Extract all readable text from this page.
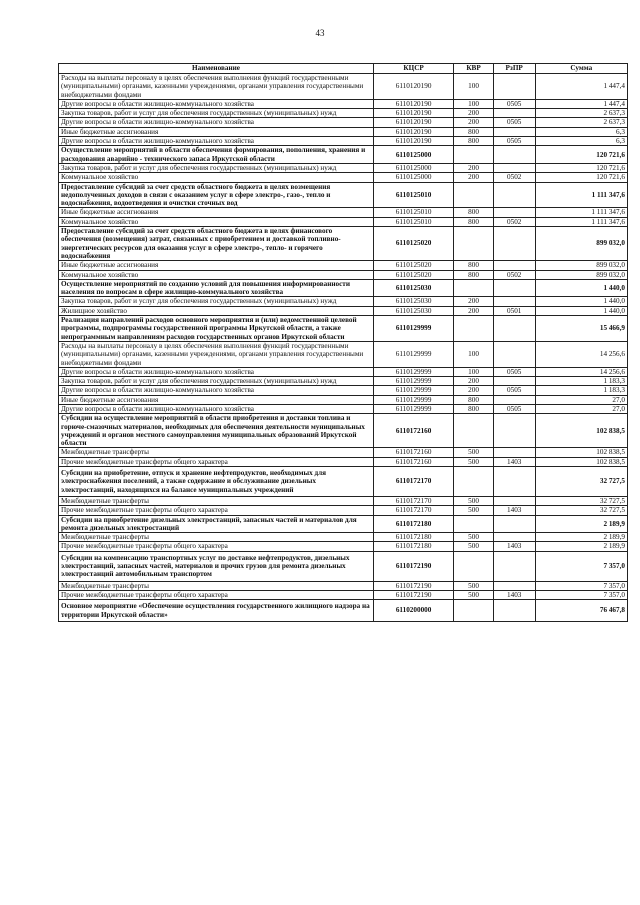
43
Наименование	КЦСР	КВР	РзПР	Сумма
Расходы на выплаты персоналу в целях обеспечения выполнения функций государственными (муниципальными) органами, казенными учреждениями, органами управления государственными внебюджетными фондами	6110120190	100		1 447,4
Другие вопросы в области жилищно-коммунального хозяйства	6110120190	100	0505	1 447,4
Закупка товаров, работ и услуг для обеспечения государственных (муниципальных) нужд	6110120190	200		2 637,3
Другие вопросы в области жилищно-коммунального хозяйства	6110120190	200	0505	2 637,3
Иные бюджетные ассигнования	6110120190	800		6,3
Другие вопросы в области жилищно-коммунального хозяйства	6110120190	800	0505	6,3
Осуществление мероприятий в области обеспечения формирования, пополнения, хранения и расходования аварийно - технического запаса Иркутской области	6110125000			120 721,6
Закупка товаров, работ и услуг для обеспечения государственных (муниципальных) нужд	6110125000	200		120 721,6
Коммунальное хозяйство	6110125000	200	0502	120 721,6
Предоставление субсидий за счет средств областного бюджета в целях возмещения недополученных доходов в связи с оказанием услуг в сфере электро-, газо-, тепло и водоснабжения, водоотведения и очистки сточных вод	6110125010			1 111 347,6
Иные бюджетные ассигнования	6110125010	800		1 111 347,6
Коммунальное хозяйство	6110125010	800	0502	1 111 347,6
Предоставление субсидий за счет средств областного бюджета в целях финансового обеспечения (возмещения) затрат, связанных с приобретением и доставкой топливно-энергетических ресурсов для оказания услуг в сфере электро-, тепло- и горячего водоснабжения	6110125020			899 032,0
Иные бюджетные ассигнования	6110125020	800		899 032,0
Коммунальное хозяйство	6110125020	800	0502	899 032,0
Осуществление мероприятий по созданию условий для повышения информированности населения по вопросам в сфере жилищно-коммунального хозяйства	6110125030			1 440,0
Закупка товаров, работ и услуг для обеспечения государственных (муниципальных) нужд	6110125030	200		1 440,0
Жилищное хозяйство	6110125030	200	0501	1 440,0
Реализация направлений расходов основного мероприятия и (или) ведомственной целевой программы, подпрограммы государственной программы Иркутской области, а также непрограммным направлениям расходов государственных органов Иркутской области	6110129999			15 466,9
Расходы на выплаты персоналу в целях обеспечения выполнения функций государственными (муниципальными) органами, казенными учреждениями, органами управления государственными внебюджетными фондами	6110129999	100		14 256,6
Другие вопросы в области жилищно-коммунального хозяйства	6110129999	100	0505	14 256,6
Закупка товаров, работ и услуг для обеспечения государственных (муниципальных) нужд	6110129999	200		1 183,3
Другие вопросы в области жилищно-коммунального хозяйства	6110129999	200	0505	1 183,3
Иные бюджетные ассигнования	6110129999	800		27,0
Другие вопросы в области жилищно-коммунального хозяйства	6110129999	800	0505	27,0
Субсидии на осуществление мероприятий в области приобретения и доставки топлива и горюче-смазочных материалов, необходимых для обеспечения деятельности муниципальных учреждений и органов местного самоуправления муниципальных образований Иркутской области	6110172160			102 838,5
Межбюджетные трансферты	6110172160	500		102 838,5
Прочие межбюджетные трансферты общего характера	6110172160	500	1403	102 838,5
Субсидии на приобретение, отпуск и хранение нефтепродуктов, необходимых для электроснабжения поселений, а также содержание и обслуживание дизельных электростанций, находящихся на балансе муниципальных учреждений	6110172170			32 727,5
Межбюджетные трансферты	6110172170	500		32 727,5
Прочие межбюджетные трансферты общего характера	6110172170	500	1403	32 727,5
Субсидии на приобретение дизельных электростанций, запасных частей и материалов для ремонта дизельных электростанций	6110172180			2 189,9
Межбюджетные трансферты	6110172180	500		2 189,9
Прочие межбюджетные трансферты общего характера	6110172180	500	1403	2 189,9
Субсидии на компенсацию транспортных услуг по доставке нефтепродуктов, дизельных электростанций, запасных частей, материалов и прочих грузов для ремонта дизельных электростанций автомобильным транспортом	6110172190			7 357,0
Межбюджетные трансферты	6110172190	500		7 357,0
Прочие межбюджетные трансферты общего характера	6110172190	500	1403	7 357,0
Основное мероприятие «Обеспечение осуществления государственного жилищного надзора на территории Иркутской области»	6110200000			76 467,8
